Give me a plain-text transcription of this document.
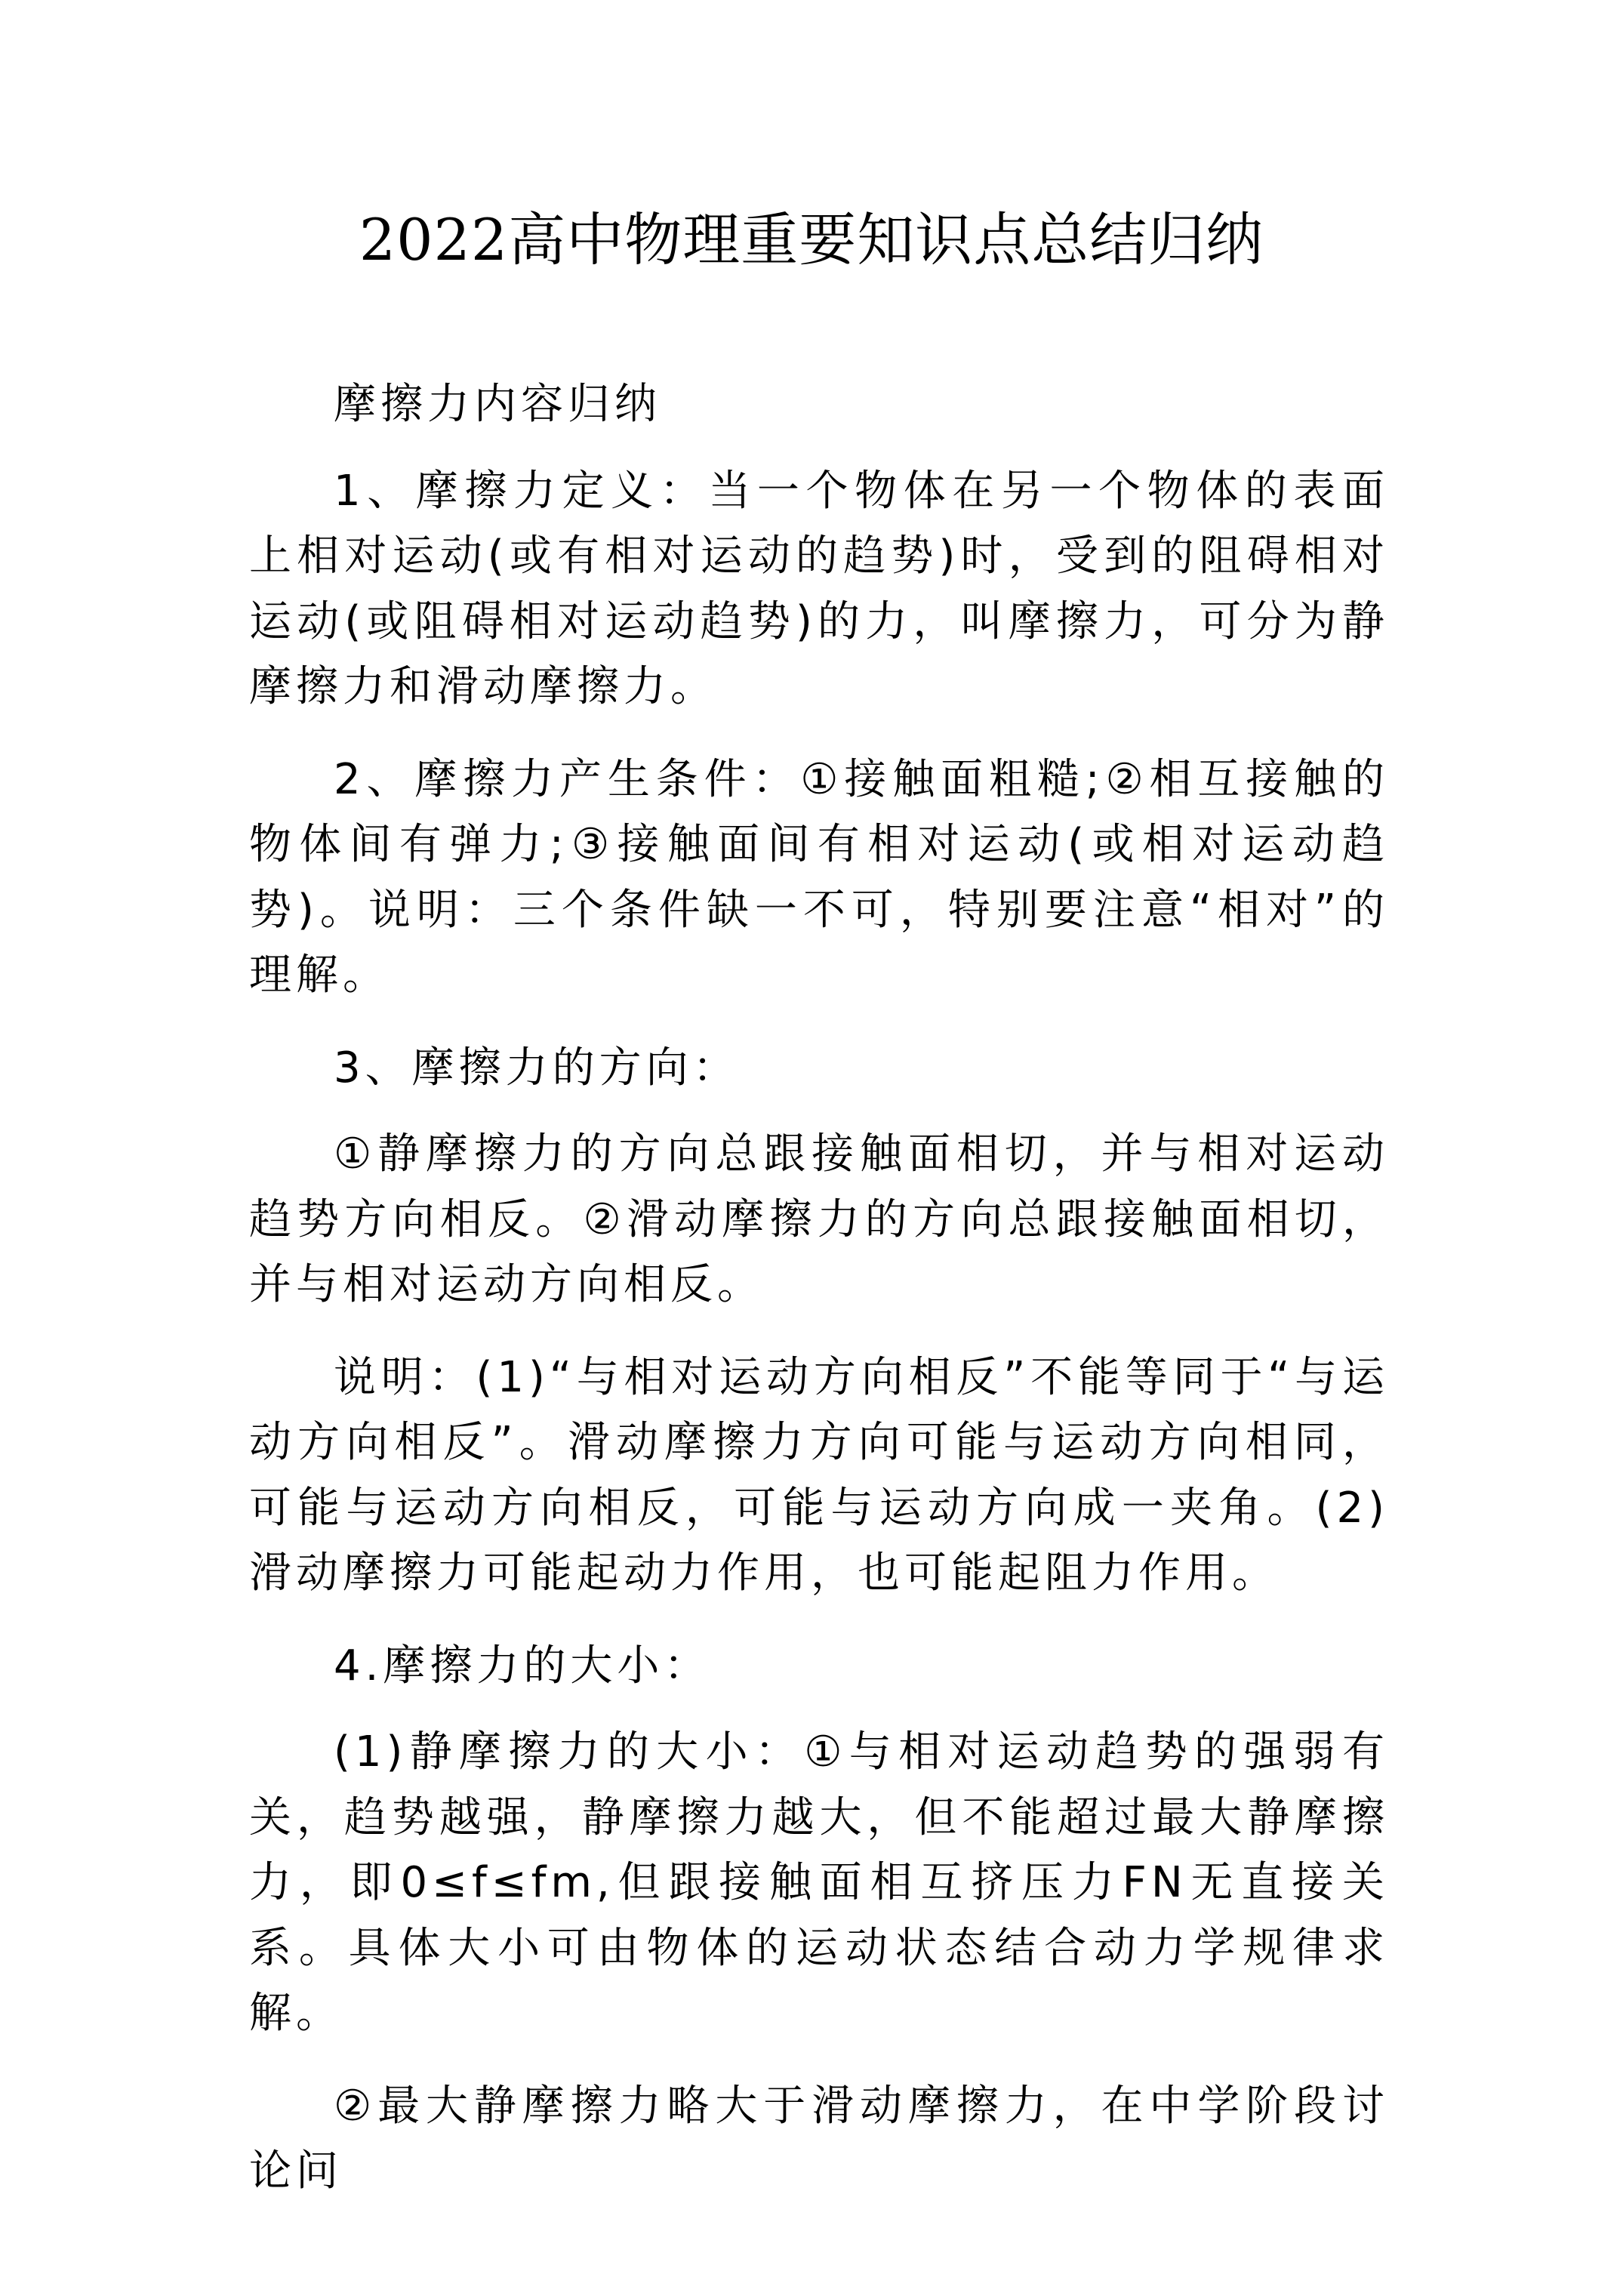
2022高中物理重要知识点总结归纳

摩擦力内容归纳

1、摩擦力定义：当一个物体在另一个物体的表面上相对运动(或有相对运动的趋势)时，受到的阻碍相对运动(或阻碍相对运动趋势)的力，叫摩擦力，可分为静摩擦力和滑动摩擦力。

2、摩擦力产生条件：①接触面粗糙;②相互接触的物体间有弹力;③接触面间有相对运动(或相对运动趋势)。说明：三个条件缺一不可，特别要注意“相对”的理解。

3、摩擦力的方向：

①静摩擦力的方向总跟接触面相切，并与相对运动趋势方向相反。②滑动摩擦力的方向总跟接触面相切，并与相对运动方向相反。

说明：(1)“与相对运动方向相反”不能等同于“与运动方向相反”。滑动摩擦力方向可能与运动方向相同，可能与运动方向相反，可能与运动方向成一夹角。(2)滑动摩擦力可能起动力作用，也可能起阻力作用。

4.摩擦力的大小：

(1)静摩擦力的大小：①与相对运动趋势的强弱有关，趋势越强，静摩擦力越大，但不能超过最大静摩擦力，即0≤f≤fm,但跟接触面相互挤压力FN无直接关系。具体大小可由物体的运动状态结合动力学规律求解。

②最大静摩擦力略大于滑动摩擦力，在中学阶段讨论问
